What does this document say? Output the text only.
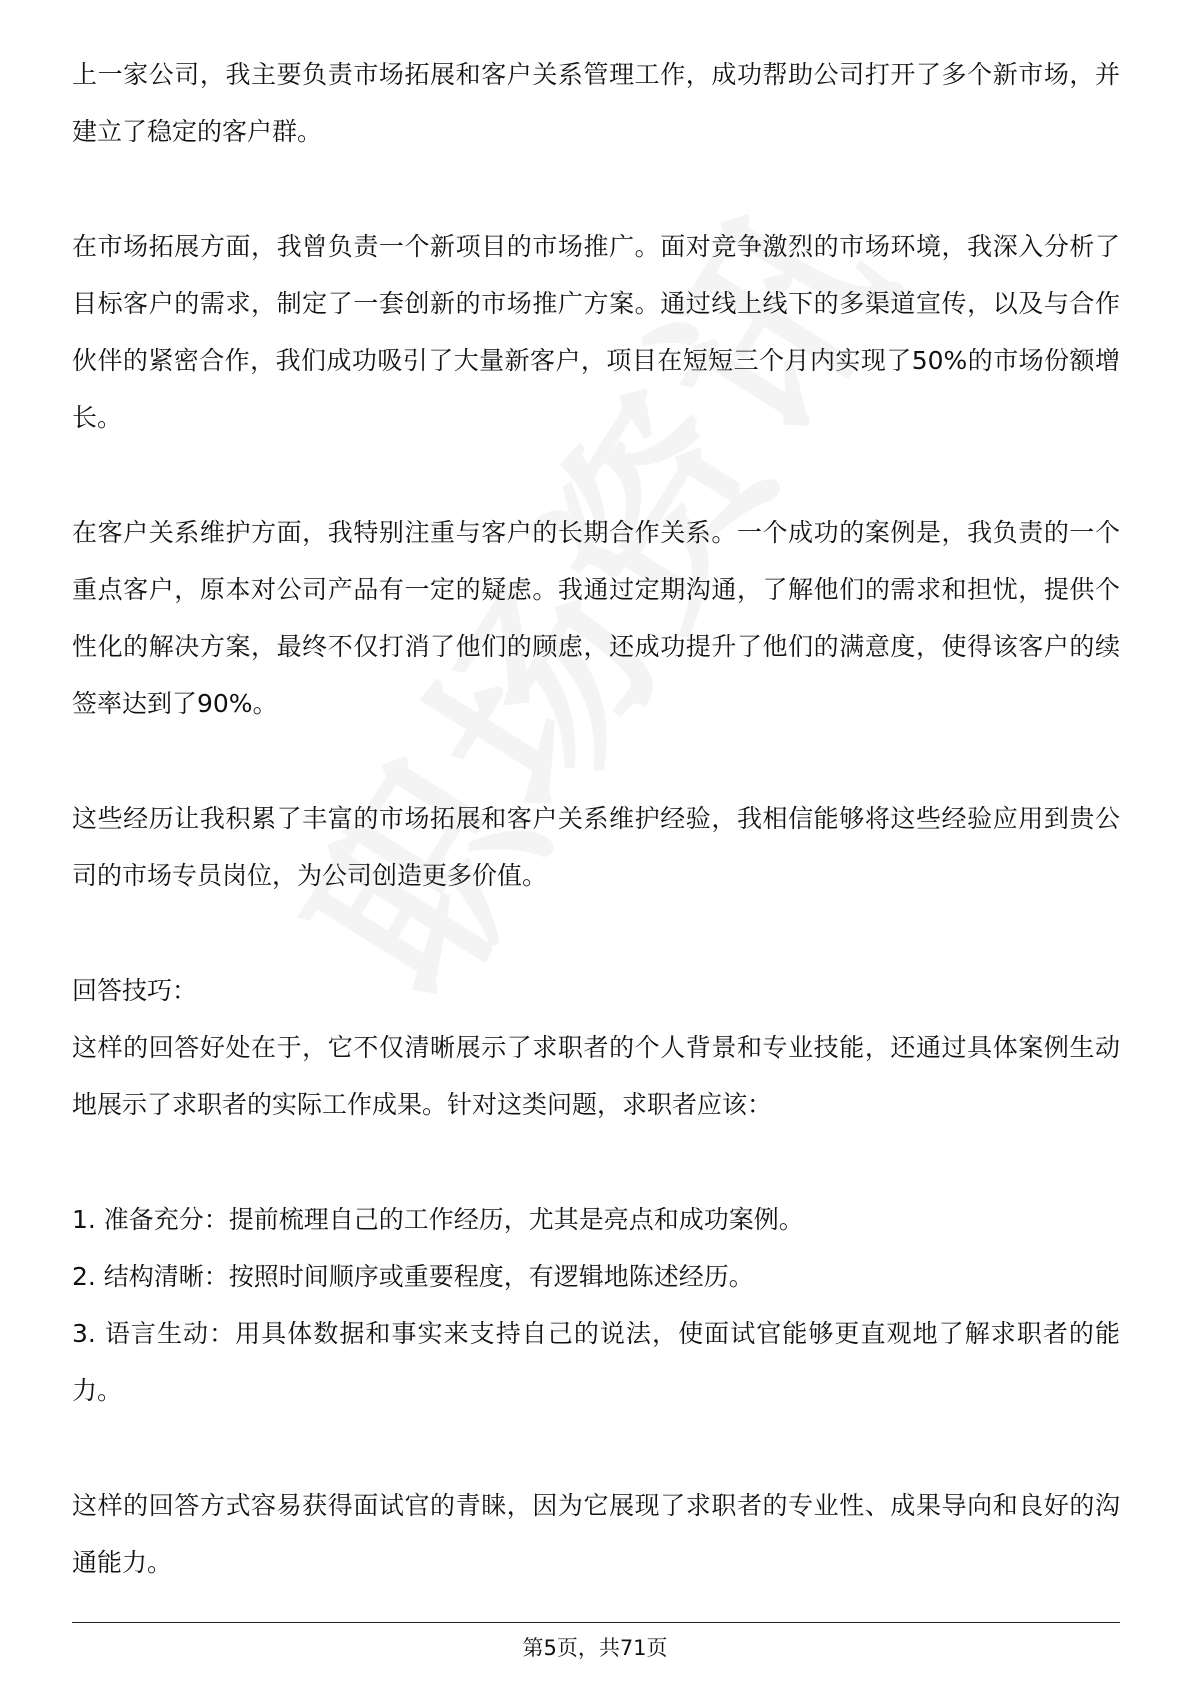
上一家公司，我主要负责市场拓展和客户关系管理工作，成功帮助公司打开了多个新市场，并建立了稳定的客户群。

在市场拓展方面，我曾负责一个新项目的市场推广。面对竞争激烈的市场环境，我深入分析了目标客户的需求，制定了一套创新的市场推广方案。通过线上线下的多渠道宣传，以及与合作伙伴的紧密合作，我们成功吸引了大量新客户，项目在短短三个月内实现了50%的市场份额增长。

在客户关系维护方面，我特别注重与客户的长期合作关系。一个成功的案例是，我负责的一个重点客户，原本对公司产品有一定的疑虑。我通过定期沟通，了解他们的需求和担忧，提供个性化的解决方案，最终不仅打消了他们的顾虑，还成功提升了他们的满意度，使得该客户的续签率达到了90%。

这些经历让我积累了丰富的市场拓展和客户关系维护经验，我相信能够将这些经验应用到贵公司的市场专员岗位，为公司创造更多价值。

回答技巧：

这样的回答好处在于，它不仅清晰展示了求职者的个人背景和专业技能，还通过具体案例生动地展示了求职者的实际工作成果。针对这类问题，求职者应该：

1. 准备充分：提前梳理自己的工作经历，尤其是亮点和成功案例。

2. 结构清晰：按照时间顺序或重要程度，有逻辑地陈述经历。

3. 语言生动：用具体数据和事实来支持自己的说法，使面试官能够更直观地了解求职者的能力。

这样的回答方式容易获得面试官的青睐，因为它展现了求职者的专业性、成果导向和良好的沟通能力。

第5页，共71页
